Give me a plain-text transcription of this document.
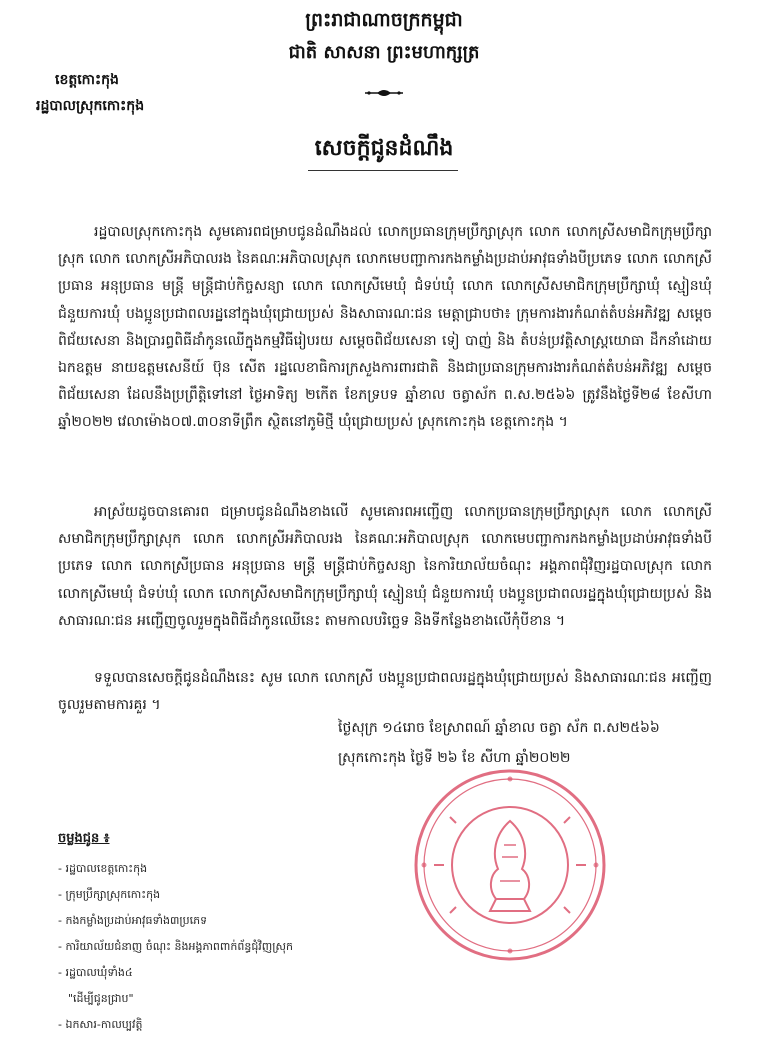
ព្រះរាជាណាចក្រកម្ពុជា
ជាតិ សាសនា ព្រះមហាក្សត្រ
ខេត្តកោះកុង
រដ្ឋបាលស្រុកកោះកុង
សេចក្តីជូនដំណឹង

រដ្ឋបាលស្រុកកោះកុង សូមគោរពជម្រាបជូនដំណឹងដល់ លោកប្រធានក្រុមប្រឹក្សាស្រុក លោក លោកស្រីសមាជិកក្រុមប្រឹក្សាស្រុក លោក លោកស្រីអភិបាលរង នៃគណៈអភិបាលស្រុក លោកមេបញ្ជាការកងកម្លាំងប្រដាប់អាវុធទាំងបីប្រភេទ លោក លោកស្រីប្រធាន អនុប្រធាន មន្ត្រី មន្ត្រីជាប់កិច្ចសន្យា លោក លោកស្រីមេឃុំ ជំទប់ឃុំ លោក លោកស្រីសមាជិកក្រុមប្រឹក្សាឃុំ ស្មៀនឃុំ ជំនួយការឃុំ បងប្អូនប្រជាពលរដ្ឋនៅក្នុងឃុំជ្រោយប្រស់ និងសាធារណៈជន មេត្តាជ្រាបថា៖ ក្រុមការងារកំណត់តំបន់អភិវឌ្ឍ សម្តេចពិជ័យសេនា និងប្រារព្ធពិធីដាំកូនឈើក្នុងកម្មវិធីរៀបរយ សម្តេចពិជ័យសេនា ទៀ បាញ់ និង តំបន់ប្រវត្តិសាស្ត្រយោធា ដឹកនាំដោយ ឯកឧត្តម នាយឧត្តមសេនីយ៍ ប៊ុន សើត រដ្ឋលេខាធិការក្រសួងការពារជាតិ និងជាប្រធានក្រុមការងារកំណត់តំបន់អភិវឌ្ឍ សម្តេចពិជ័យសេនា ដែលនឹងប្រព្រឹត្តិទៅនៅ ថ្ងៃអាទិត្យ ២កើត ខែភទ្របទ ឆ្នាំខាល ចត្វាស័ក ព.ស.២៥៦៦ ត្រូវនឹងថ្ងៃទី២៨ ខែសីហា ឆ្នាំ២០២២ វេលាម៉ោង០៧.៣០នាទីព្រឹក ស្ថិតនៅភូមិថ្មី ឃុំជ្រោយប្រស់ ស្រុកកោះកុង ខេត្តកោះកុង ។

អាស្រ័យដូចបានគោរព ជម្រាបជូនដំណឹងខាងលើ សូមគោរពអញ្ជើញ លោកប្រធានក្រុមប្រឹក្សាស្រុក លោក លោកស្រីសមាជិកក្រុមប្រឹក្សាស្រុក លោក លោកស្រីអភិបាលរង នៃគណៈអភិបាលស្រុក លោកមេបញ្ជាការកងកម្លាំងប្រដាប់អាវុធទាំងបីប្រភេទ លោក លោកស្រីប្រធាន អនុប្រធាន មន្ត្រី មន្ត្រីជាប់កិច្ចសន្យា នៃការិយាល័យចំណុះ អង្គភាពជុំវិញរដ្ឋបាលស្រុក លោក លោកស្រីមេឃុំ ជំទប់ឃុំ លោក លោកស្រីសមាជិកក្រុមប្រឹក្សាឃុំ ស្មៀនឃុំ ជំនួយការឃុំ បងប្អូនប្រជាពលរដ្ឋក្នុងឃុំជ្រោយប្រស់ និងសាធារណៈជន អញ្ជើញចូលរួមក្នុងពិធីដាំកូនឈើនេះ តាមកាលបរិច្ឆេទ និងទីកន្លែងខាងលើកុំបីខាន ។

ទទួលបានសេចក្តីជូនដំណឹងនេះ សូម លោក លោកស្រី បងប្អូនប្រជាពលរដ្ឋក្នុងឃុំជ្រោយប្រស់ និងសាធារណៈជន អញ្ជើញចូលរួមតាមការគួរ ។

ថ្ងៃសុក្រ ១៤រោច ខែស្រាពណ៍ ឆ្នាំខាល ចត្វា ស័ក ព.ស២៥៦៦
ស្រុកកោះកុង ថ្ងៃទី ២៦ ខែ សីហា ឆ្នាំ២០២២
ចម្លងជូន ៖
- រដ្ឋបាលខេត្តកោះកុង
- ក្រុមប្រឹក្សាស្រុកកោះកុង
- កងកម្លាំងប្រដាប់អាវុធទាំង៣ប្រភេទ
- ការិយាល័យជំនាញ ចំណុះ និងអង្គភាពពាក់ព័ន្ធជុំវិញស្រុក
- រដ្ឋបាលឃុំទាំង៤
"ដើម្បីជូនជ្រាប"
- ឯកសារ-កាលប្បវត្តិ
